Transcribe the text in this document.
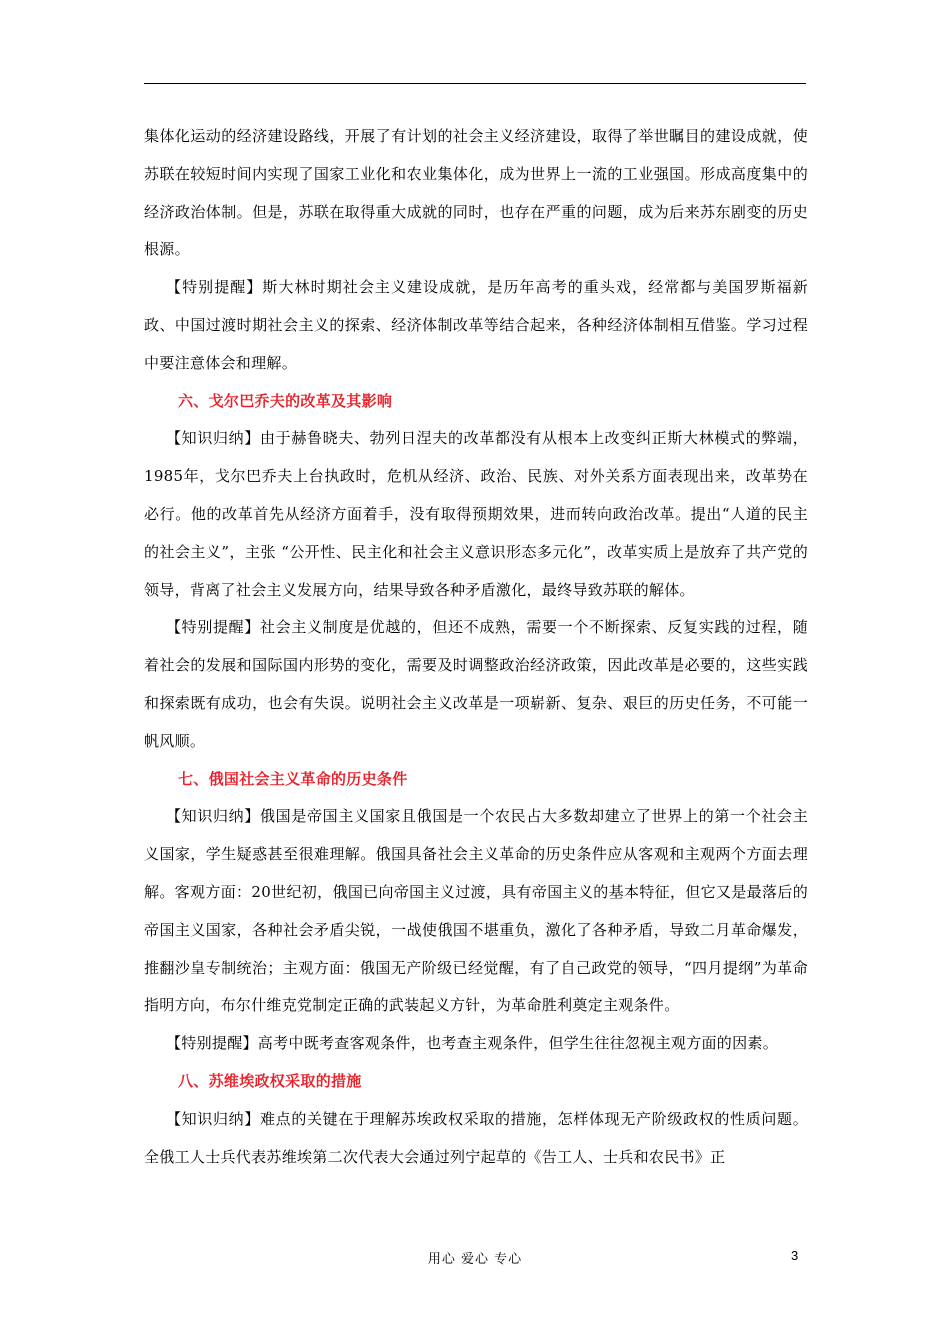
集体化运动的经济建设路线，开展了有计划的社会主义经济建设，取得了举世瞩目的建设成就，使苏联在较短时间内实现了国家工业化和农业集体化，成为世界上一流的工业强国。形成高度集中的经济政治体制。但是，苏联在取得重大成就的同时，也存在严重的问题，成为后来苏东剧变的历史根源。

【特别提醒】斯大林时期社会主义建设成就，是历年高考的重头戏，经常都与美国罗斯福新政、中国过渡时期社会主义的探索、经济体制改革等结合起来，各种经济体制相互借鉴。学习过程中要注意体会和理解。

六、戈尔巴乔夫的改革及其影响

【知识归纳】由于赫鲁晓夫、勃列日涅夫的改革都没有从根本上改变纠正斯大林模式的弊端，1985年，戈尔巴乔夫上台执政时，危机从经济、政治、民族、对外关系方面表现出来，改革势在必行。他的改革首先从经济方面着手，没有取得预期效果，进而转向政治改革。提出“人道的民主的社会主义”，主张 “公开性、民主化和社会主义意识形态多元化”，改革实质上是放弃了共产党的领导，背离了社会主义发展方向，结果导致各种矛盾激化，最终导致苏联的解体。

【特别提醒】社会主义制度是优越的，但还不成熟，需要一个不断探索、反复实践的过程，随着社会的发展和国际国内形势的变化，需要及时调整政治经济政策，因此改革是必要的，这些实践和探索既有成功，也会有失误。说明社会主义改革是一项崭新、复杂、艰巨的历史任务，不可能一帆风顺。

七、俄国社会主义革命的历史条件

【知识归纳】俄国是帝国主义国家且俄国是一个农民占大多数却建立了世界上的第一个社会主义国家，学生疑惑甚至很难理解。俄国具备社会主义革命的历史条件应从客观和主观两个方面去理解。客观方面：20世纪初，俄国已向帝国主义过渡，具有帝国主义的基本特征，但它又是最落后的帝国主义国家，各种社会矛盾尖锐，一战使俄国不堪重负，激化了各种矛盾，导致二月革命爆发，推翻沙皇专制统治；主观方面：俄国无产阶级已经觉醒，有了自己政党的领导，“四月提纲”为革命指明方向，布尔什维克党制定正确的武装起义方针，为革命胜利奠定主观条件。

【特别提醒】高考中既考查客观条件，也考查主观条件，但学生往往忽视主观方面的因素。

八、苏维埃政权采取的措施

【知识归纳】难点的关键在于理解苏埃政权采取的措施，怎样体现无产阶级政权的性质问题。全俄工人士兵代表苏维埃第二次代表大会通过列宁起草的《告工人、士兵和农民书》正

用心 爱心 专心	3
